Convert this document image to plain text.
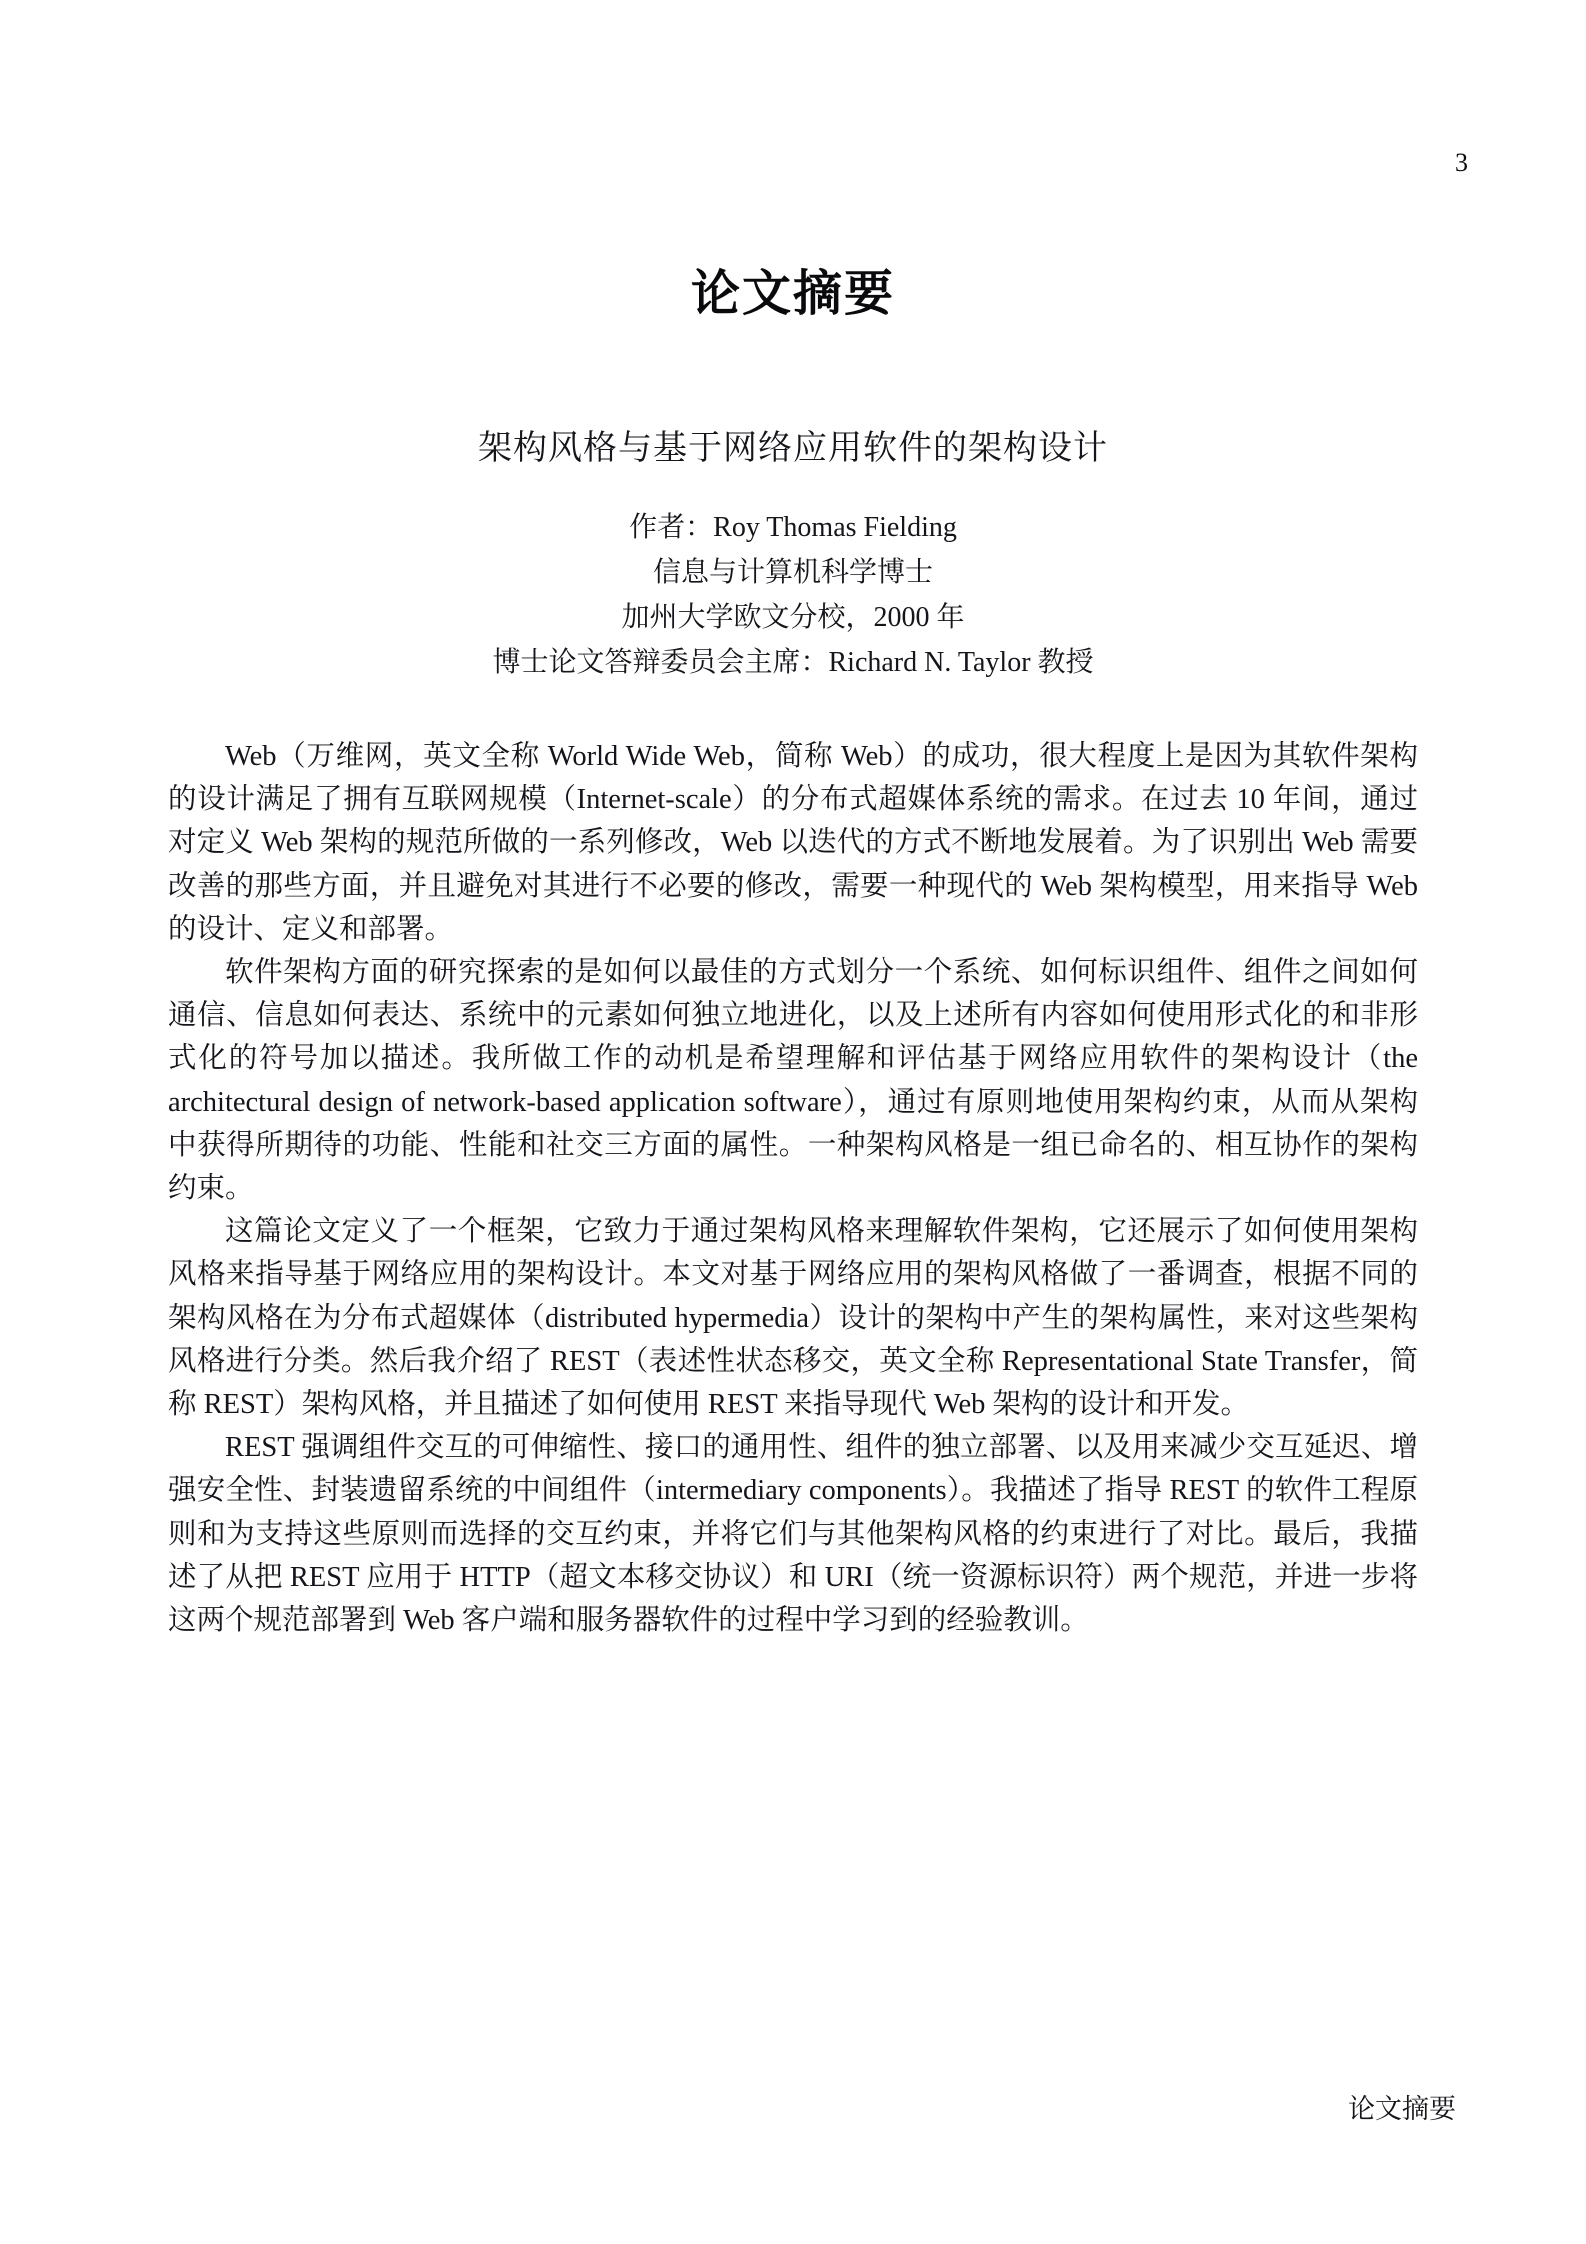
3
论文摘要
架构风格与基于网络应用软件的架构设计
作者：Roy Thomas Fielding
信息与计算机科学博士
加州大学欧文分校，2000 年
博士论文答辩委员会主席：Richard N. Taylor 教授

Web（万维网，英文全称 World Wide Web，简称 Web）的成功，很大程度上是因为其软件架构的设计满足了拥有互联网规模（Internet-scale）的分布式超媒体系统的需求。在过去 10 年间，通过对定义 Web 架构的规范所做的一系列修改，Web 以迭代的方式不断地发展着。为了识别出 Web 需要改善的那些方面，并且避免对其进行不必要的修改，需要一种现代的 Web 架构模型，用来指导 Web 的设计、定义和部署。

软件架构方面的研究探索的是如何以最佳的方式划分一个系统、如何标识组件、组件之间如何通信、信息如何表达、系统中的元素如何独立地进化，以及上述所有内容如何使用形式化的和非形式化的符号加以描述。我所做工作的动机是希望理解和评估基于网络应用软件的架构设计（the architectural design of network-based application software），通过有原则地使用架构约束，从而从架构中获得所期待的功能、性能和社交三方面的属性。一种架构风格是一组已命名的、相互协作的架构约束。

这篇论文定义了一个框架，它致力于通过架构风格来理解软件架构，它还展示了如何使用架构风格来指导基于网络应用的架构设计。本文对基于网络应用的架构风格做了一番调查，根据不同的架构风格在为分布式超媒体（distributed hypermedia）设计的架构中产生的架构属性，来对这些架构风格进行分类。然后我介绍了 REST（表述性状态移交，英文全称 Representational State Transfer，简称 REST）架构风格，并且描述了如何使用 REST 来指导现代 Web 架构的设计和开发。

REST 强调组件交互的可伸缩性、接口的通用性、组件的独立部署、以及用来减少交互延迟、增强安全性、封装遗留系统的中间组件（intermediary components）。我描述了指导 REST 的软件工程原则和为支持这些原则而选择的交互约束，并将它们与其他架构风格的约束进行了对比。最后，我描述了从把 REST 应用于 HTTP（超文本移交协议）和 URI（统一资源标识符）两个规范，并进一步将这两个规范部署到 Web 客户端和服务器软件的过程中学习到的经验教训。

论文摘要
